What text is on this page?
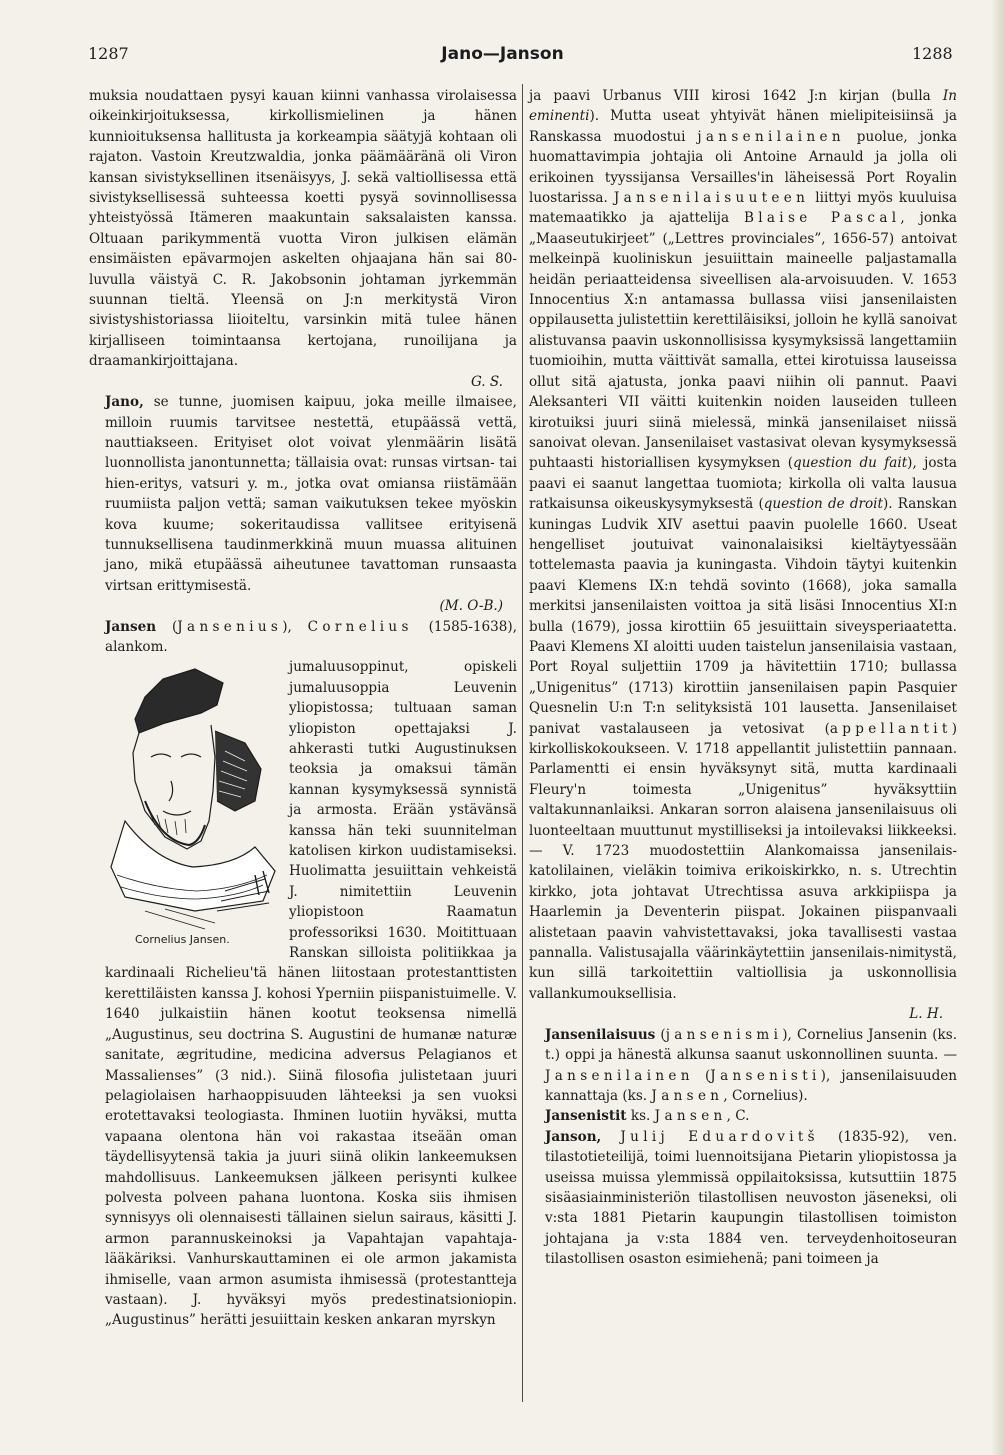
1287	Jano—Janson	1288

muksia noudattaen pysyi kauan kiinni vanhassa virolaisessa oikeinkirjoituksessa, kirkollismielinen ja hänen kunnioituksensa hallitusta ja korkeampia säätyjä kohtaan oli rajaton. Vastoin Kreutzwaldia, jonka päämääränä oli Viron kansan sivistyksellinen itsenäisyys, J. sekä valtiollisessa että sivistyksellisessä suhteessa koetti pysyä sovinnollisessa yhteistyössä Itämeren maakuntain saksalaisten kanssa. Oltuaan parikymmentä vuotta Viron julkisen elämän ensimäisten epävarmojen askelten ohjaajana hän sai 80-luvulla väistyä C. R. Jakobsonin johtaman jyrkemmän suunnan tieltä. Yleensä on J:n merkitystä Viron sivistyshistoriassa liioiteltu, varsinkin mitä tulee hänen kirjalliseen toimintaansa kertojana, runoilijana ja draamankirjoittajana.

G. S.

Jano, se tunne, juomisen kaipuu, joka meille ilmaisee, milloin ruumis tarvitsee nestettä, etupäässä vettä, nauttiakseen. Erityiset olot voivat ylenmäärin lisätä luonnollista janontunnetta; tällaisia ovat: runsas virtsan- tai hien-eritys, vatsuri y. m., jotka ovat omiansa riistämään ruumiista paljon vettä; saman vaikutuksen tekee myöskin kova kuume; sokeritaudissa vallitsee erityisenä tunnuksellisena taudinmerkkinä muun muassa alituinen jano, mikä etupäässä aiheutunee tavattoman runsaasta virtsan erittymisestä.

(M. O-B.)

Jansen (Jansenius), Cornelius (1585-1638), alankom.

jumaluusoppinut, opiskeli jumaluusoppia Leuvenin yliopistossa; tultuaan saman yliopiston opettajaksi J. ahkerasti tutki Augustinuksen teoksia ja omaksui tämän kannan kysymyksessä synnistä ja armosta. Erään ystävänsä kanssa hän teki suunnitelman katolisen kirkon uudistamiseksi. Huolimatta jesuiittain vehkeistä J. nimitettiin Leuvenin yliopistoon Raamatun professoriksi 1630. Moitittuaan Ranskan silloista politiikkaa ja kardinaali Richelieu'tä hänen liitostaan protestanttisten kerettiläisten kanssa J. kohosi Yperniin piispanistuimelle. V. 1640 julkaistiin hänen kootut teoksensa nimellä „Augustinus, seu doctrina S. Augustini de humanæ naturæ sanitate, ægritudine, medicina adversus Pelagianos et Massalienses” (3 nid.). Siinä filosofia julistetaan juuri pelagiolaisen harhaoppisuuden lähteeksi ja sen vuoksi erotettavaksi teologiasta. Ihminen luotiin hyväksi, mutta vapaana olentona hän voi rakastaa itseään oman täydellisyytensä takia ja juuri siinä olikin lankeemuksen mahdollisuus. Lankeemuksen jälkeen perisynti kulkee polvesta polveen pahana luontona. Koska siis ihmisen synnisyys oli olennaisesti tällainen sielun sairaus, käsitti J. armon parannuskeinoksi ja Vapahtajan vapahtaja-lääkäriksi. Vanhurskauttaminen ei ole armon jakamista ihmiselle, vaan armon asumista ihmisessä (protestantteja vastaan). J. hyväksyi myös predestinatsioniopin. „Augustinus” herätti jesuiittain kesken ankaran myrskyn

Cornelius Jansen.

ja paavi Urbanus VIII kirosi 1642 J:n kirjan (bulla In eminenti). Mutta useat yhtyivät hänen mielipiteisiinsä ja Ranskassa muodostui jansenilainen puolue, jonka huomattavimpia johtajia oli Antoine Arnauld ja jolla oli erikoinen tyyssijansa Versailles'in läheisessä Port Royalin luostarissa. Jansenilaisuuteen liittyi myös kuuluisa matemaatikko ja ajattelija Blaise Pascal, jonka „Maaseutukirjeet” („Lettres provinciales”, 1656-57) antoivat melkeinpä kuoliniskun jesuiittain maineelle paljastamalla heidän periaatteidensa siveellisen ala-arvoisuuden. V. 1653 Innocentius X:n antamassa bullassa viisi jansenilaisten oppilausetta julistettiin kerettiläisiksi, jolloin he kyllä sanoivat alistuvansa paavin uskonnollisissa kysymyksissä langettamiin tuomioihin, mutta väittivät samalla, ettei kirotuissa lauseissa ollut sitä ajatusta, jonka paavi niihin oli pannut. Paavi Aleksanteri VII väitti kuitenkin noiden lauseiden tulleen kirotuiksi juuri siinä mielessä, minkä jansenilaiset niissä sanoivat olevan. Jansenilaiset vastasivat olevan kysymyksessä puhtaasti historiallisen kysymyksen (question du fait), josta paavi ei saanut langettaa tuomiota; kirkolla oli valta lausua ratkaisunsa oikeuskysymyksestä (question de droit). Ranskan kuningas Ludvik XIV asettui paavin puolelle 1660. Useat hengelliset joutuivat vainonalaisiksi kieltäytyessään tottelemasta paavia ja kuningasta. Vihdoin täytyi kuitenkin paavi Klemens IX:n tehdä sovinto (1668), joka samalla merkitsi jansenilaisten voittoa ja sitä lisäsi Innocentius XI:n bulla (1679), jossa kirottiin 65 jesuiittain siveysperiaatetta. Paavi Klemens XI aloitti uuden taistelun jansenilaisia vastaan, Port Royal suljettiin 1709 ja hävitettiin 1710; bullassa „Unigenitus” (1713) kirottiin jansenilaisen papin Pasquier Quesnelin U:n T:n selityksistä 101 lausetta. Jansenilaiset panivat vastalauseen ja vetosivat (appellantit) kirkolliskokoukseen. V. 1718 appellantit julistettiin pannaan. Parlamentti ei ensin hyväksynyt sitä, mutta kardinaali Fleury'n toimesta „Unigenitus” hyväksyttiin valtakunnanlaiksi. Ankaran sorron alaisena jansenilaisuus oli luonteeltaan muuttunut mystilliseksi ja intoilevaksi liikkeeksi. — V. 1723 muodostettiin Alankomaissa jansenilais-katolilainen, vieläkin toimiva erikoiskirkko, n. s. Utrechtin kirkko, jota johtavat Utrechtissa asuva arkkipiispa ja Haarlemin ja Deventerin piispat. Jokainen piispanvaali alistetaan paavin vahvistettavaksi, joka tavallisesti vastaa pannalla. Valistusajalla väärinkäytettiin jansenilais-nimitystä, kun sillä tarkoitettiin valtiollisia ja uskonnollisia vallankumouksellisia.

L. H.

Jansenilaisuus (jansenismi), Cornelius Jansenin (ks. t.) oppi ja hänestä alkunsa saanut uskonnollinen suunta. — Jansenilainen (Jansenisti), jansenilaisuuden kannattaja (ks. Jansen, Cornelius).

Jansenistit ks. Jansen, C.

Janson, Julij Eduardovitš (1835-92), ven. tilastotieteilijä, toimi luennoitsijana Pietarin yliopistossa ja useissa muissa ylemmissä oppilaitoksissa, kutsuttiin 1875 sisäasiainministeriön tilastollisen neuvoston jäseneksi, oli v:sta 1881 Pietarin kaupungin tilastollisen toimiston johtajana ja v:sta 1884 ven. terveydenhoitoseuran tilastollisen osaston esimiehenä; pani toimeen ja
